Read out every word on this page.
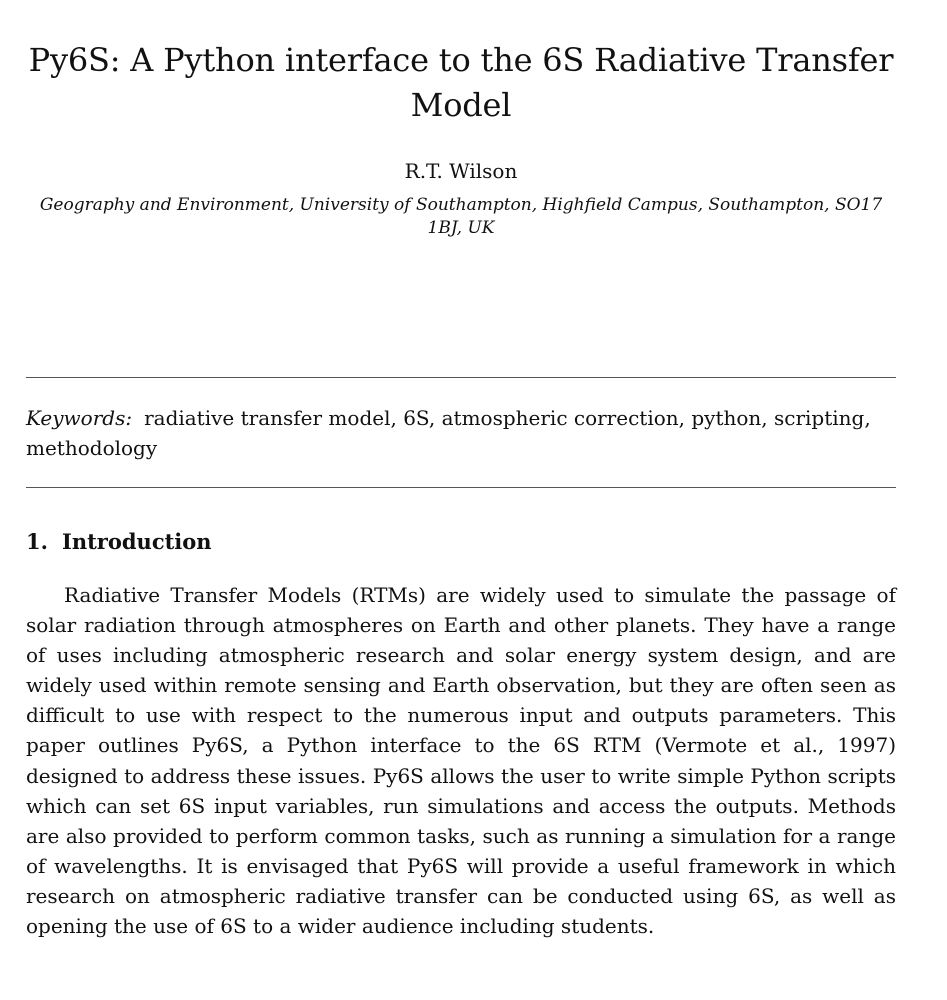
Py6S: A Python interface to the 6S Radiative Transfer Model

R.T. Wilson

Geography and Environment, University of Southampton, Highfield Campus, Southampton, SO17 1BJ, UK

Keywords: radiative transfer model, 6S, atmospheric correction, python, scripting, methodology

1. Introduction

Radiative Transfer Models (RTMs) are widely used to simulate the passage of solar radiation through atmospheres on Earth and other planets. They have a range of uses including atmospheric research and solar energy system design, and are widely used within remote sensing and Earth observation, but they are often seen as difficult to use with respect to the numerous input and outputs parameters. This paper outlines Py6S, a Python interface to the 6S RTM (Vermote et al., 1997) designed to address these issues. Py6S allows the user to write simple Python scripts which can set 6S input variables, run simulations and access the outputs. Methods are also provided to perform common tasks, such as running a simulation for a range of wavelengths. It is envisaged that Py6S will provide a useful framework in which research on atmospheric radiative transfer can be conducted using 6S, as well as opening the use of 6S to a wider audience including students.
